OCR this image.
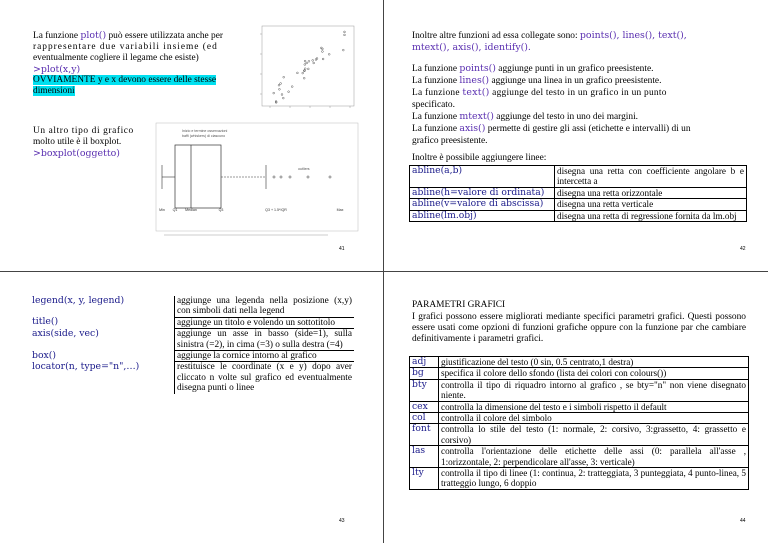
La funzione plot() può essere utilizzata anche per
rappresentare due variabili insieme (ed
eventualmente cogliere il legame che esiste)
>plot(x,y)
OVVIAMENTE y e x devono essere delle stesse
dimensioni
Un altro tipo di grafico
molto utile è il boxplot.
>boxplot(oggetto)
Inizio e termine osservazioni
baffi (whiskers) di ciascuno
outliers
Min Q1 Median	Q3	Q3 + 1.5*IQR	Max
41
Inoltre altre funzioni ad essa collegate sono: points(), lines(), text(),
mtext(), axis(), identify().
La funzione points() aggiunge punti in un grafico preesistente.
La funzione lines() aggiunge una linea in un grafico preesistente.
La funzione text() aggiunge del testo in un grafico in un punto
specificato.
La funzione mtext() aggiunge del testo in uno dei margini.
La funzione axis() permette di gestire gli assi (etichette e intervalli) di un
grafico preesistente.
Inoltre è possibile aggiungere linee:
abline(a,b)	disegna una retta con coefficiente angolare b e intercetta a
abline(h=valore di ordinata)	disegna una retta orizzontale
abline(v=valore di abscissa)	disegna una retta verticale
abline(lm.obj)	disegna una retta di regressione fornita da lm.obj
42
legend(x, y, legend)	aggiunge una legenda nella posizione (x,y) con simboli dati nella legend
title()	aggiunge un titolo e volendo un sottotitolo
axis(side, vec)	aggiunge un asse in basso (side=1), sulla sinistra (=2), in cima (=3) o sulla destra (=4)
box()	aggiunge la cornice intorno al grafico
locator(n, type="n",…)	restituisce le coordinate (x e y) dopo aver cliccato n volte sul grafico ed eventualmente disegna punti o linee
43
PARAMETRI GRAFICI
I grafici possono essere migliorati mediante specifici parametri grafici. Questi possono essere usati come opzioni di funzioni grafiche oppure con la funzione par che cambiare definitivamente i parametri grafici.
adj	giustificazione del testo (0 sin, 0.5 centrato,1 destra)
bg	specifica il colore dello sfondo (lista dei colori con colours())
bty	controlla il tipo di riquadro intorno al grafico , se bty="n" non viene disegnato niente.
cex	controlla la dimensione del testo e i simboli rispetto il default
col	controlla il colore del simbolo
font	controlla lo stile del testo (1: normale, 2: corsivo, 3:grassetto, 4: grassetto e corsivo)
las	controlla l'orientazione delle etichette delle assi (0: parallela all'asse , 1:orizzontale, 2: perpendicolare all'asse, 3: verticale)
lty	controlla il tipo di linee (1: continua, 2: tratteggiata, 3 punteggiata, 4 punto-linea, 5 tratteggio lungo, 6 doppio
44
